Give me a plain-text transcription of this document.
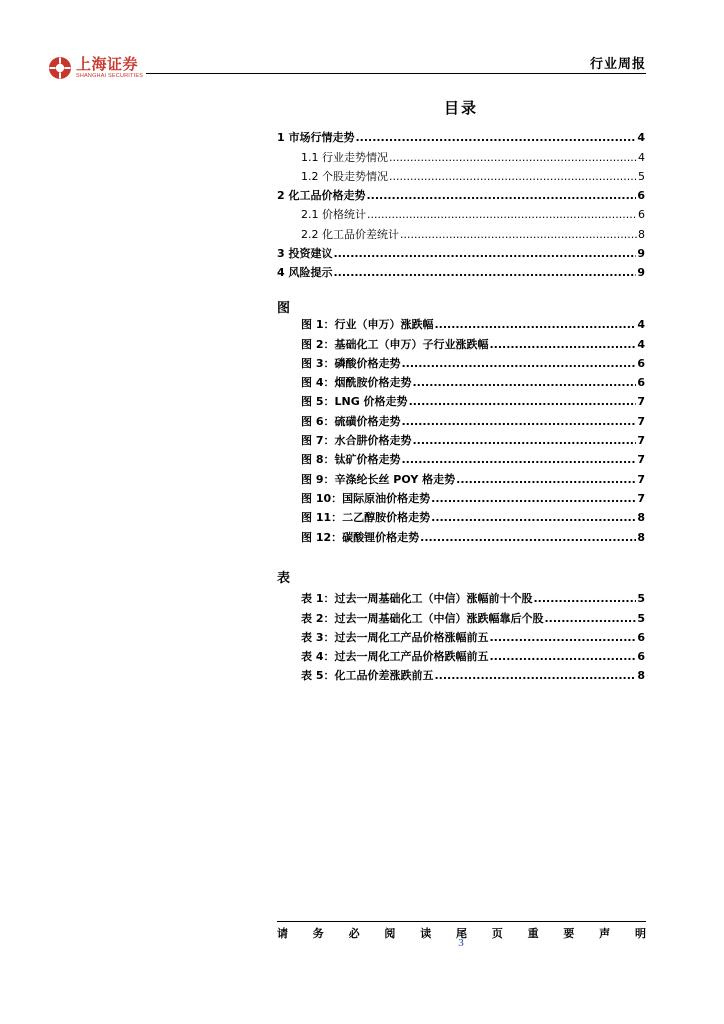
上海证券
SHANGHAI SECURITIES
行业周报
目录
1 市场行情走势 .....	4
1.1 行业走势情况 .....	4
1.2 个股走势情况 .....	5
2 化工品价格走势 .....	6
2.1 价格统计 .....	6
2.2 化工品价差统计 .....	8
3 投资建议 .....	9
4 风险提示 .....	9
图
图 1：行业（申万）涨跌幅 .....	4
图 2：基础化工（申万）子行业涨跌幅 .....	4
图 3：磷酸价格走势 .....	6
图 4：烟酰胺价格走势 .....	6
图 5：LNG 价格走势 .....	7
图 6：硫磺价格走势 .....	7
图 7：水合肼价格走势 .....	7
图 8：钛矿价格走势 .....	7
图 9：辛涤纶长丝 POY 格走势 .....	7
图 10：国际原油价格走势 .....	7
图 11：二乙醇胺价格走势 .....	8
图 12：碳酸锂价格走势 .....	8
表
表 1：过去一周基础化工（中信）涨幅前十个股 .....	5
表 2：过去一周基础化工（中信）涨跌幅靠后个股 .....	5
表 3：过去一周化工产品价格涨幅前五 .....	6
表 4：过去一周化工产品价格跌幅前五 .....	6
表 5：化工品价差涨跌前五 .....	8
请 务 必 阅 读 尾 页 重 要 声 明
3
